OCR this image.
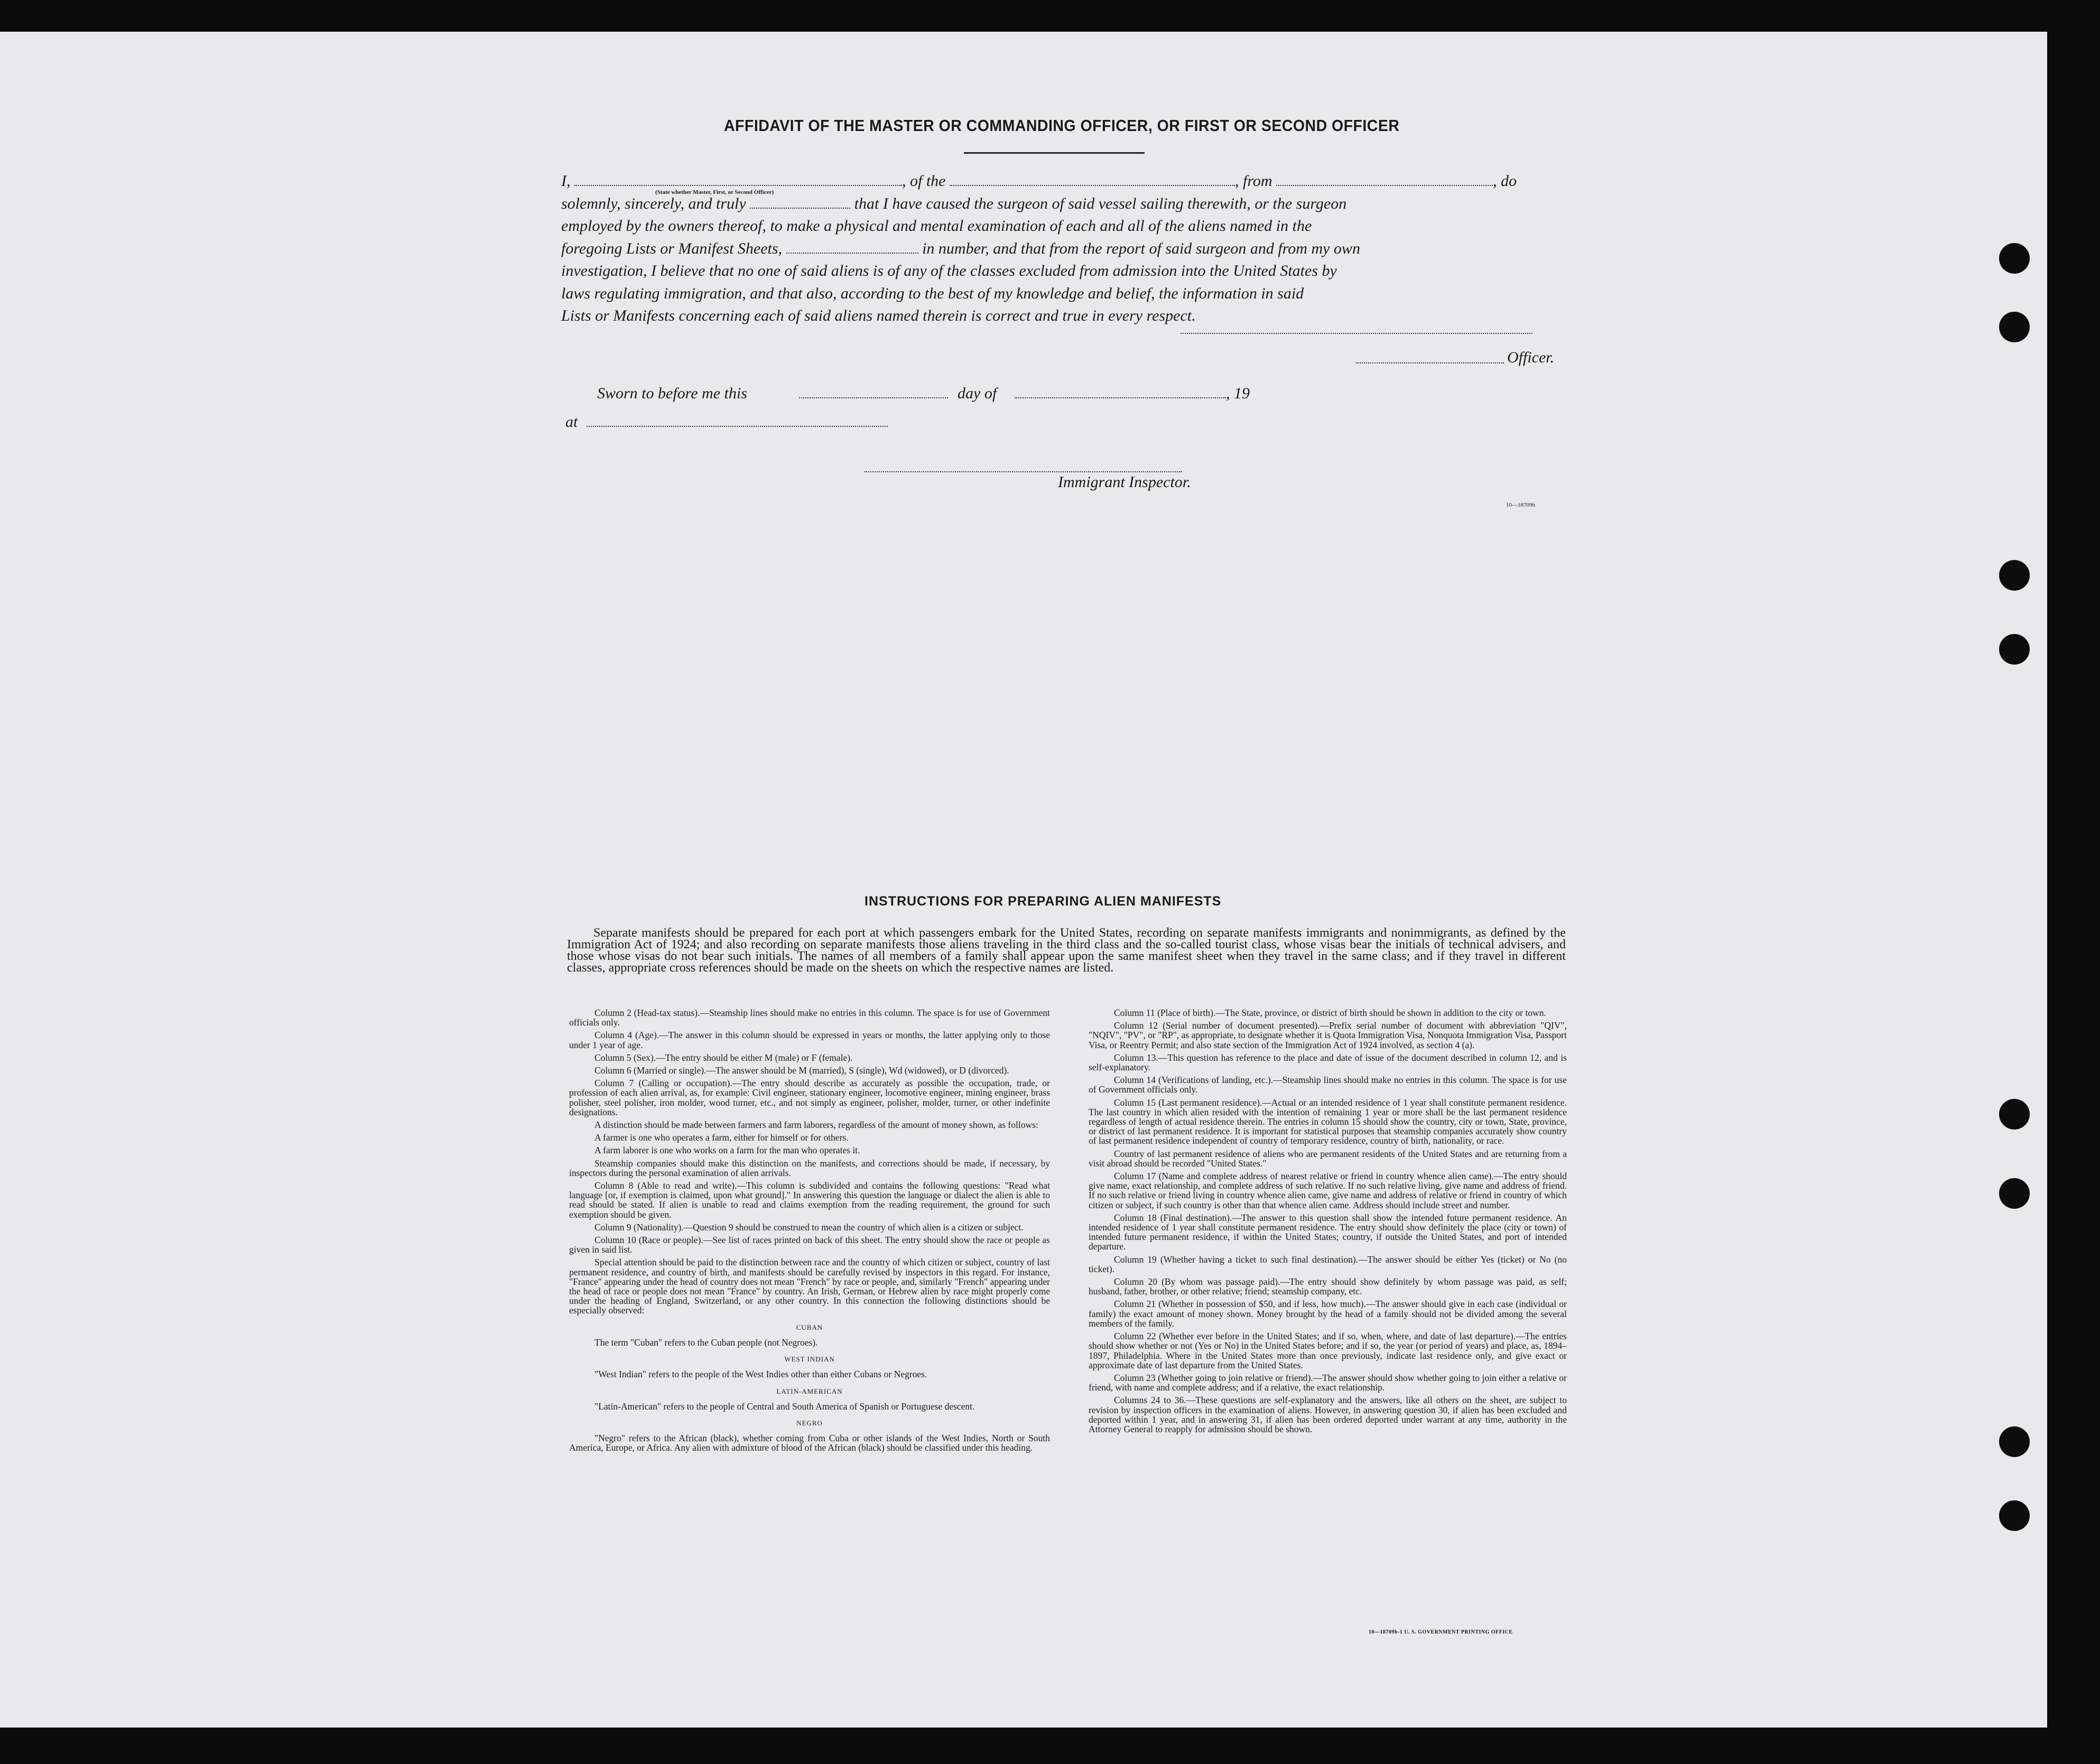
AFFIDAVIT OF THE MASTER OR COMMANDING OFFICER, OR FIRST OR SECOND OFFICER
I,	, of the	, from	, do
solemnly, sincerely, and truly	that I have caused the surgeon of said vessel sailing therewith, or the surgeon
employed by the owners thereof, to make a physical and mental examination of each and all of the aliens named in the
foregoing Lists or Manifest Sheets,	in number, and that from the report of said surgeon and from my own
investigation, I believe that no one of said aliens is of any of the classes excluded from admission into the United States by
laws regulating immigration, and that also, according to the best of my knowledge and belief, the information in said
Lists or Manifests concerning each of said aliens named therein is correct and true in every respect.
(State whether Master, First, or Second Officer)
Officer.
Sworn to before me this	day of	, 19
at
Immigrant Inspector.
10—18709b
INSTRUCTIONS FOR PREPARING ALIEN MANIFESTS
Separate manifests should be prepared for each port at which passengers embark for the United States, recording on separate manifests immigrants and nonimmigrants, as defined by the Immigration Act of 1924; and also recording on separate manifests those aliens traveling in the third class and the so-called tourist class, whose visas bear the initials of technical advisers, and those whose visas do not bear such initials. The names of all members of a family shall appear upon the same manifest sheet when they travel in the same class; and if they travel in different classes, appropriate cross references should be made on the sheets on which the respective names are listed.

Column 2 (Head-tax status).—Steamship lines should make no entries in this column. The space is for use of Government officials only.

Column 4 (Age).—The answer in this column should be expressed in years or months, the latter applying only to those under 1 year of age.

Column 5 (Sex).—The entry should be either M (male) or F (female).

Column 6 (Married or single).—The answer should be M (married), S (single), Wd (widowed), or D (divorced).

Column 7 (Calling or occupation).—The entry should describe as accurately as possible the occupation, trade, or profession of each alien arrival, as, for example: Civil engineer, stationary engineer, locomotive engineer, mining engineer, brass polisher, steel polisher, iron molder, wood turner, etc., and not simply as engineer, polisher, molder, turner, or other indefinite designations.

A distinction should be made between farmers and farm laborers, regardless of the amount of money shown, as follows:

A farmer is one who operates a farm, either for himself or for others.

A farm laborer is one who works on a farm for the man who operates it.

Steamship companies should make this distinction on the manifests, and corrections should be made, if necessary, by inspectors during the personal examination of alien arrivals.

Column 8 (Able to read and write).—This column is subdivided and contains the following questions: "Read what language [or, if exemption is claimed, upon what ground]." In answering this question the language or dialect the alien is able to read should be stated. If alien is unable to read and claims exemption from the reading requirement, the ground for such exemption should be given.

Column 9 (Nationality).—Question 9 should be construed to mean the country of which alien is a citizen or subject.

Column 10 (Race or people).—See list of races printed on back of this sheet. The entry should show the race or people as given in said list.

Special attention should be paid to the distinction between race and the country of which citizen or subject, country of last permanent residence, and country of birth, and manifests should be carefully revised by inspectors in this regard. For instance, "France" appearing under the head of country does not mean "French" by race or people, and, similarly "French" appearing under the head of race or people does not mean "France" by country. An Irish, German, or Hebrew alien by race might properly come under the heading of England, Switzerland, or any other country. In this connection the following distinctions should be especially observed:

CUBAN

The term "Cuban" refers to the Cuban people (not Negroes).

WEST INDIAN

"West Indian" refers to the people of the West Indies other than either Cubans or Negroes.

LATIN-AMERICAN

"Latin-American" refers to the people of Central and South America of Spanish or Portuguese descent.

NEGRO

"Negro" refers to the African (black), whether coming from Cuba or other islands of the West Indies, North or South America, Europe, or Africa. Any alien with admixture of blood of the African (black) should be classified under this heading.

Column 11 (Place of birth).—The State, province, or district of birth should be shown in addition to the city or town.

Column 12 (Serial number of document presented).—Prefix serial number of document with abbreviation "QIV", "NQIV", "PV", or "RP", as appropriate, to designate whether it is Quota Immigration Visa, Nonquota Immigration Visa, Passport Visa, or Reentry Permit; and also state section of the Immigration Act of 1924 involved, as section 4 (a).

Column 13.—This question has reference to the place and date of issue of the document described in column 12, and is self-explanatory.

Column 14 (Verifications of landing, etc.).—Steamship lines should make no entries in this column. The space is for use of Government officials only.

Column 15 (Last permanent residence).—Actual or an intended residence of 1 year shall constitute permanent residence. The last country in which alien resided with the intention of remaining 1 year or more shall be the last permanent residence regardless of length of actual residence therein. The entries in column 15 should show the country, city or town, State, province, or district of last permanent residence. It is important for statistical purposes that steamship companies accurately show country of last permanent residence independent of country of temporary residence, country of birth, nationality, or race.

Country of last permanent residence of aliens who are permanent residents of the United States and are returning from a visit abroad should be recorded "United States."

Column 17 (Name and complete address of nearest relative or friend in country whence alien came).—The entry should give name, exact relationship, and complete address of such relative. If no such relative living, give name and address of friend. If no such relative or friend living in country whence alien came, give name and address of relative or friend in country of which citizen or subject, if such country is other than that whence alien came. Address should include street and number.

Column 18 (Final destination).—The answer to this question shall show the intended future permanent residence. An intended residence of 1 year shall constitute permanent residence. The entry should show definitely the place (city or town) of intended future permanent residence, if within the United States; country, if outside the United States, and port of intended departure.

Column 19 (Whether having a ticket to such final destination).—The answer should be either Yes (ticket) or No (no ticket).

Column 20 (By whom was passage paid).—The entry should show definitely by whom passage was paid, as self; husband, father, brother, or other relative; friend; steamship company, etc.

Column 21 (Whether in possession of $50, and if less, how much).—The answer should give in each case (individual or family) the exact amount of money shown. Money brought by the head of a family should not be divided among the several members of the family.

Column 22 (Whether ever before in the United States; and if so, when, where, and date of last departure).—The entries should show whether or not (Yes or No) in the United States before; and if so, the year (or period of years) and place, as, 1894–1897, Philadelphia. Where in the United States more than once previously, indicate last residence only, and give exact or approximate date of last departure from the United States.

Column 23 (Whether going to join relative or friend).—The answer should show whether going to join either a relative or friend, with name and complete address; and if a relative, the exact relationship.

Columns 24 to 36.—These questions are self-explanatory and the answers, like all others on the sheet, are subject to revision by inspection officers in the examination of aliens. However, in answering question 30, if alien has been excluded and deported within 1 year, and in answering 31, if alien has been ordered deported under warrant at any time, authority in the Attorney General to reapply for admission should be shown.

10—18709b-1 U. S. GOVERNMENT PRINTING OFFICE
